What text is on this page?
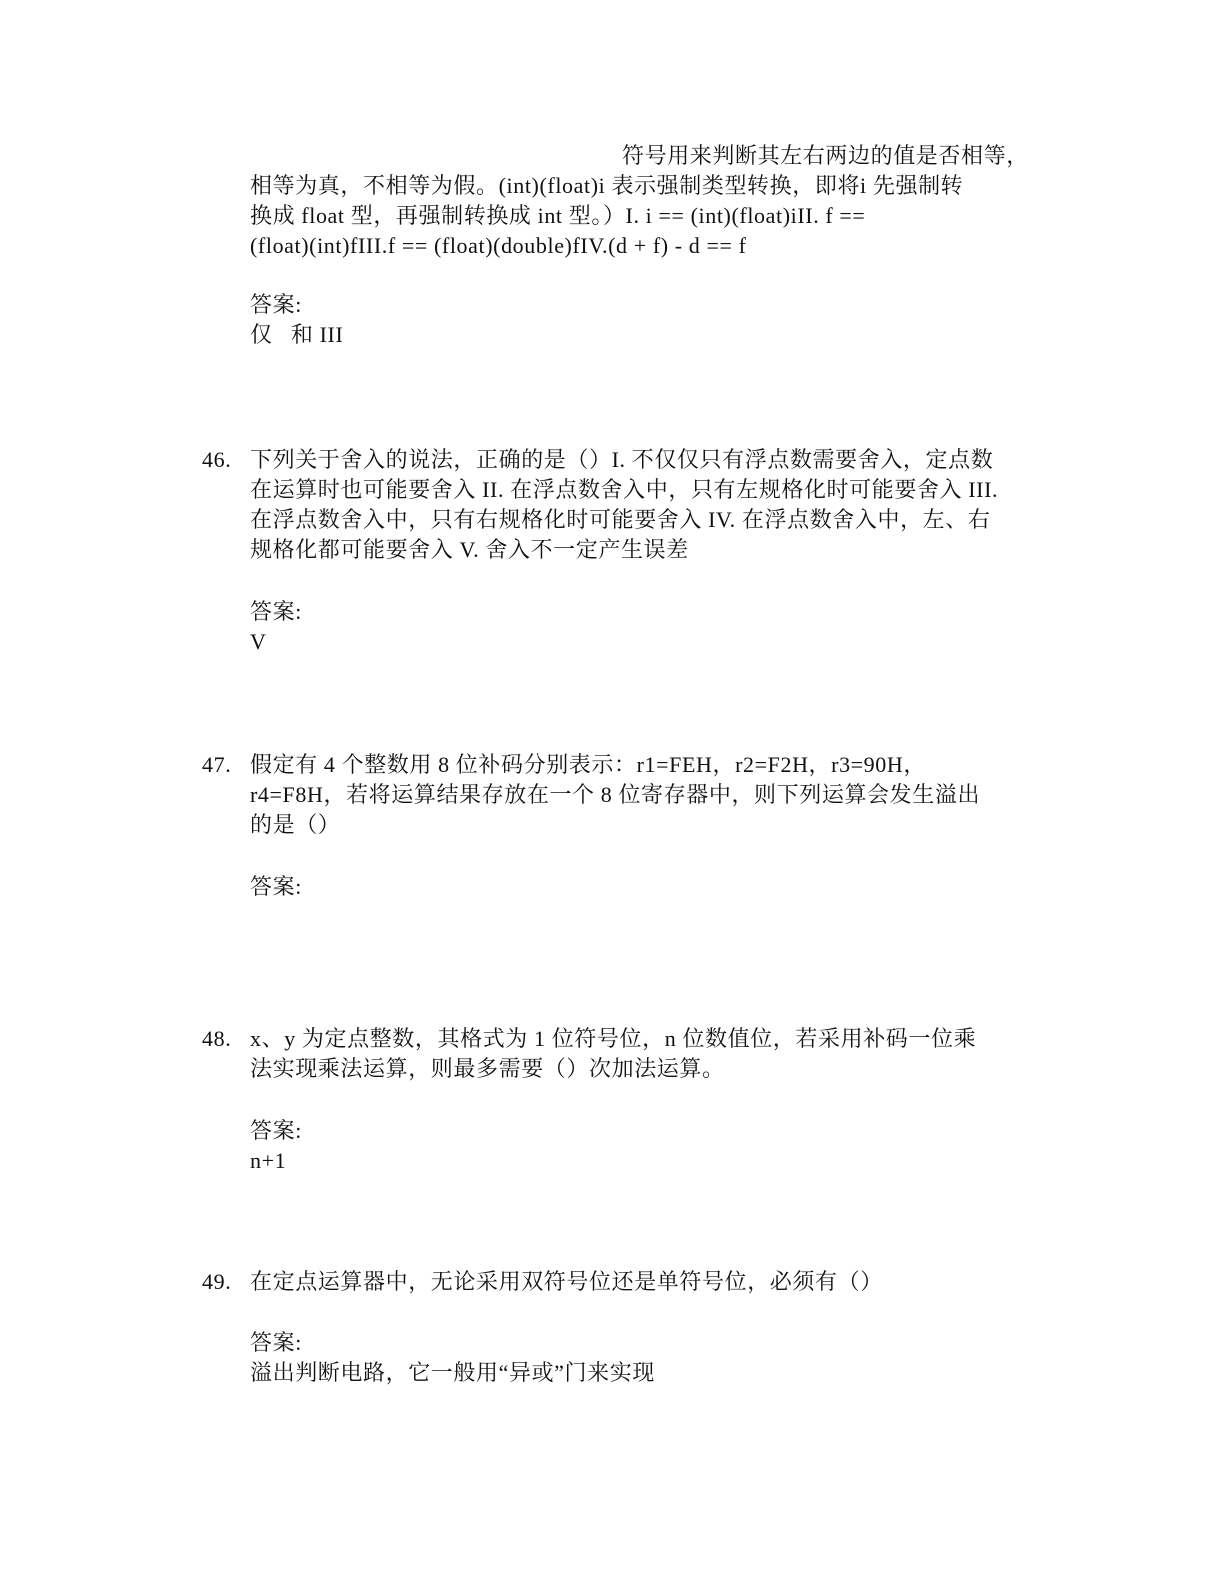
符号用来判断其左右两边的值是否相等，
相等为真，不相等为假。(int)(float)i 表示强制类型转换，即将i 先强制转
换成 float 型，再强制转换成 int 型。）I. i == (int)(float)iII. f ==
(float)(int)fIII.f == (float)(double)fIV.(d + f) - d == f
答案:
仅   和 III
46. 下列关于舍入的说法，正确的是（）I. 不仅仅只有浮点数需要舍入，定点数
在运算时也可能要舍入 II. 在浮点数舍入中，只有左规格化时可能要舍入 III.
在浮点数舍入中，只有右规格化时可能要舍入 IV. 在浮点数舍入中，左、右
规格化都可能要舍入 V. 舍入不一定产生误差
答案:
V
47. 假定有 4 个整数用 8 位补码分别表示：r1=FEH，r2=F2H，r3=90H，
r4=F8H，若将运算结果存放在一个 8 位寄存器中，则下列运算会发生溢出
的是（）
答案:
48. x、y 为定点整数，其格式为 1 位符号位，n 位数值位，若采用补码一位乘
法实现乘法运算，则最多需要（）次加法运算。
答案:
n+1
49. 在定点运算器中，无论采用双符号位还是单符号位，必须有（）
答案:
溢出判断电路，它一般用“异或”门来实现
